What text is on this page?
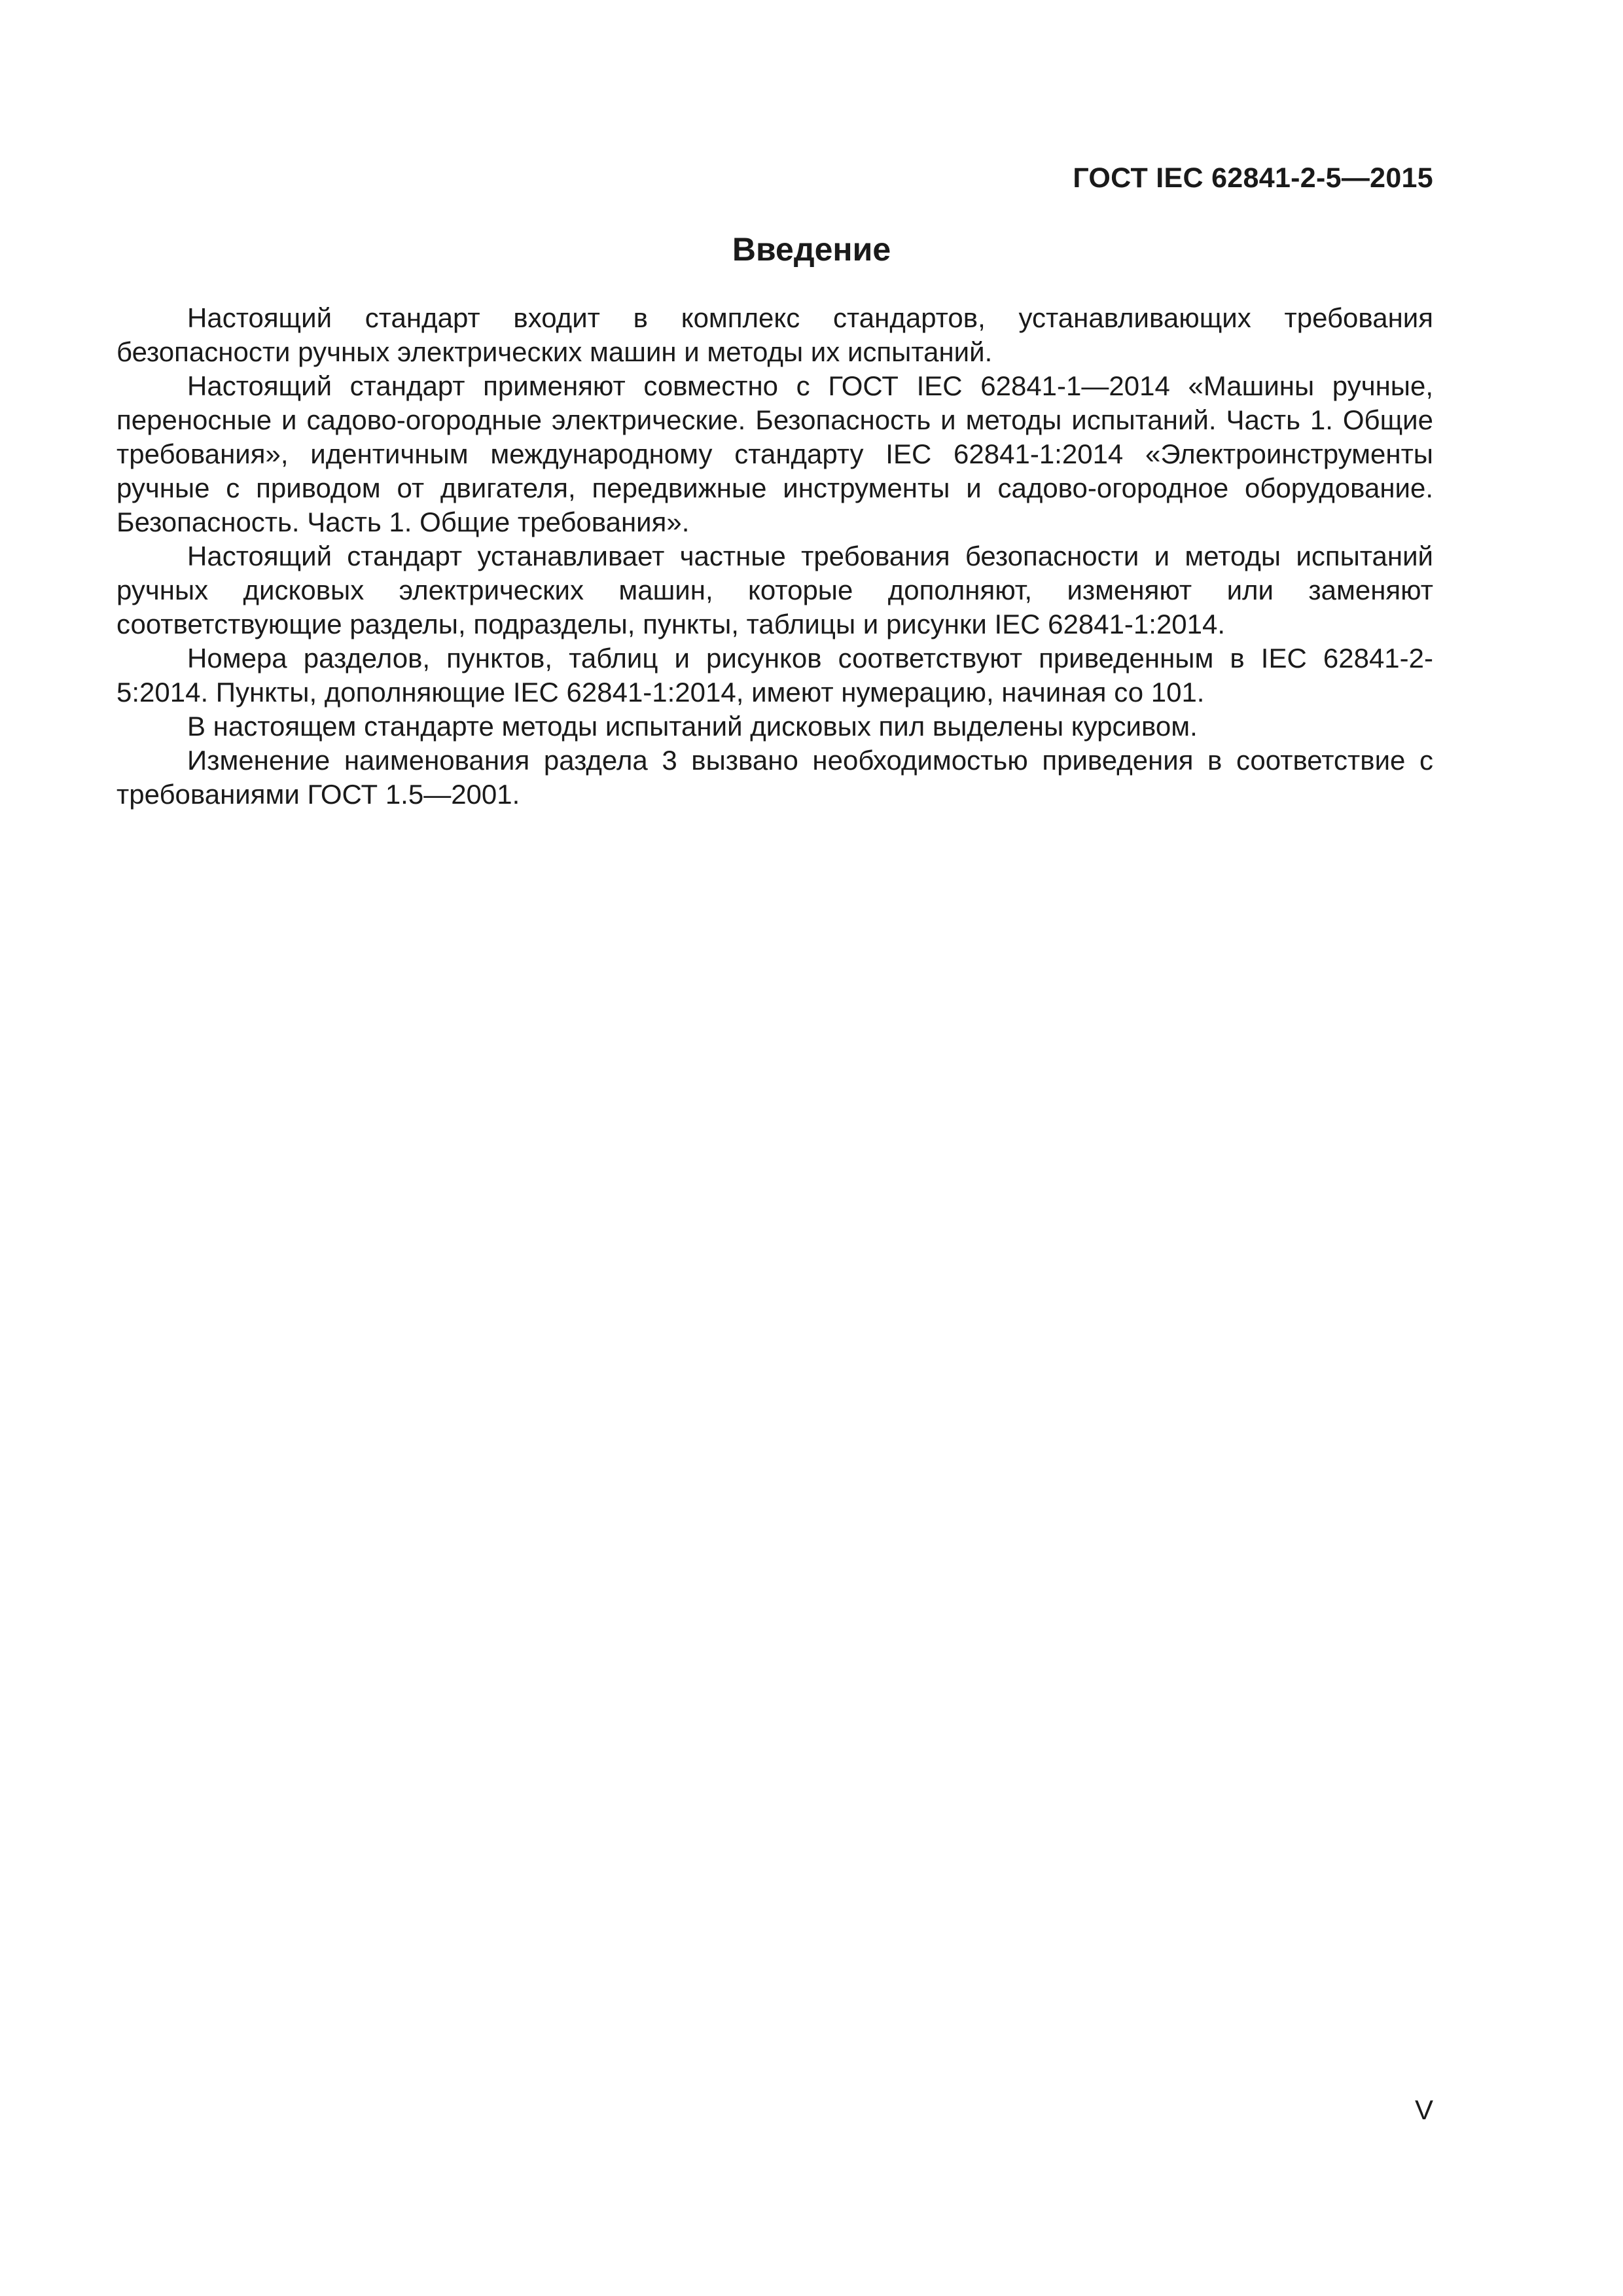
ГОСТ IEC 62841-2-5—2015
Введение

Настоящий стандарт входит в комплекс стандартов, устанавливающих требования безопасности ручных электрических машин и методы их испытаний.

Настоящий стандарт применяют совместно с ГОСТ IEC 62841-1—2014 «Машины ручные, переносные и садово-огородные электрические. Безопасность и методы испытаний. Часть 1. Общие требования», идентичным международному стандарту IEC 62841-1:2014 «Электроинструменты ручные с приводом от двигателя, передвижные инструменты и садово-огородное оборудование. Безопасность. Часть 1. Общие требования».

Настоящий стандарт устанавливает частные требования безопасности и методы испытаний ручных дисковых электрических машин, которые дополняют, изменяют или заменяют соответствующие разделы, подразделы, пункты, таблицы и рисунки IEC 62841-1:2014.

Номера разделов, пунктов, таблиц и рисунков соответствуют приведенным в IEC 62841-2-5:2014. Пункты, дополняющие IEC 62841-1:2014, имеют нумерацию, начиная со 101.

В настоящем стандарте методы испытаний дисковых пил выделены курсивом.

Изменение наименования раздела 3 вызвано необходимостью приведения в соответствие с требованиями ГОСТ 1.5—2001.

V
